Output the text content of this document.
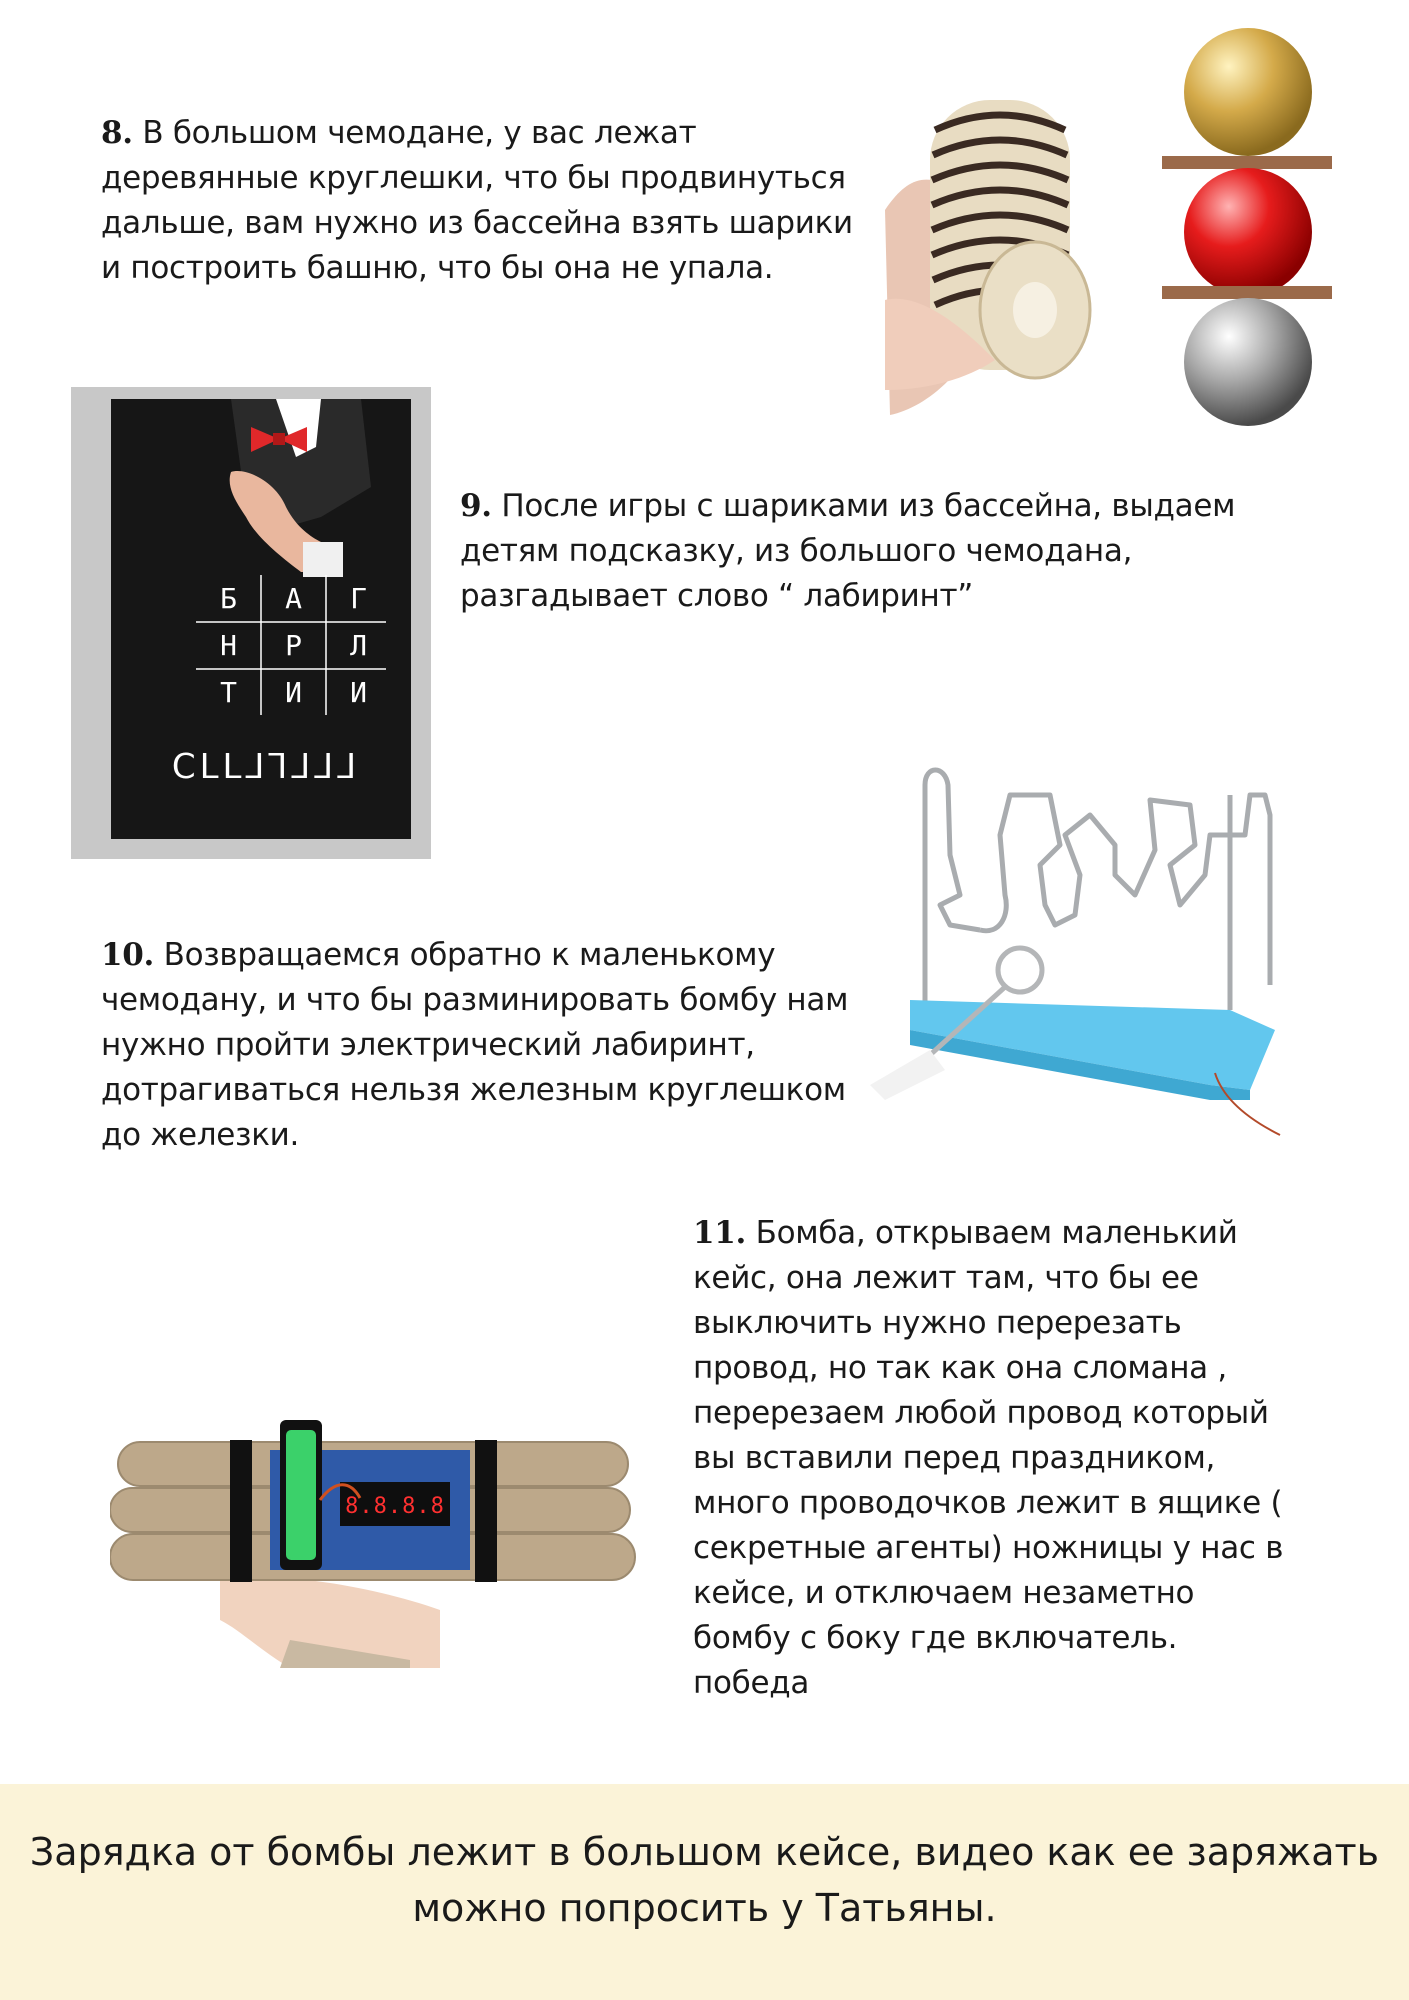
8. В большом чемодане, у вас лежат
деревянные круглешки, что бы продвинуться
дальше, вам нужно из бассейна взять шарики
и построить башню, что бы она не упала.
Б	А	Г
Н	Р	Л
Т	И	И
ⅭⅬⅬ⅃⅂⅃⅃⅃
9. После игры с шариками из бассейна, выдаем
детям подсказку, из большого чемодана,
разгадывает слово “ лабиринт”
10. Возвращаемся обратно к маленькому
чемодану, и что бы разминировать бомбу нам
нужно пройти электрический лабиринт,
дотрагиваться нельзя железным круглешком
до железки.
8.8.8.8
11. Бомба, открываем маленький
кейс, она лежит там, что бы ее
выключить нужно перерезать
провод, но так как она сломана ,
перерезаем любой провод который
вы вставили перед праздником,
много проводочков лежит в ящике (
секретные агенты) ножницы у нас в
кейсе, и отключаем незаметно
бомбу с боку где включатель.
победа
Зарядка от бомбы лежит в большом кейсе, видео как ее заряжать
можно попросить у Татьяны.
